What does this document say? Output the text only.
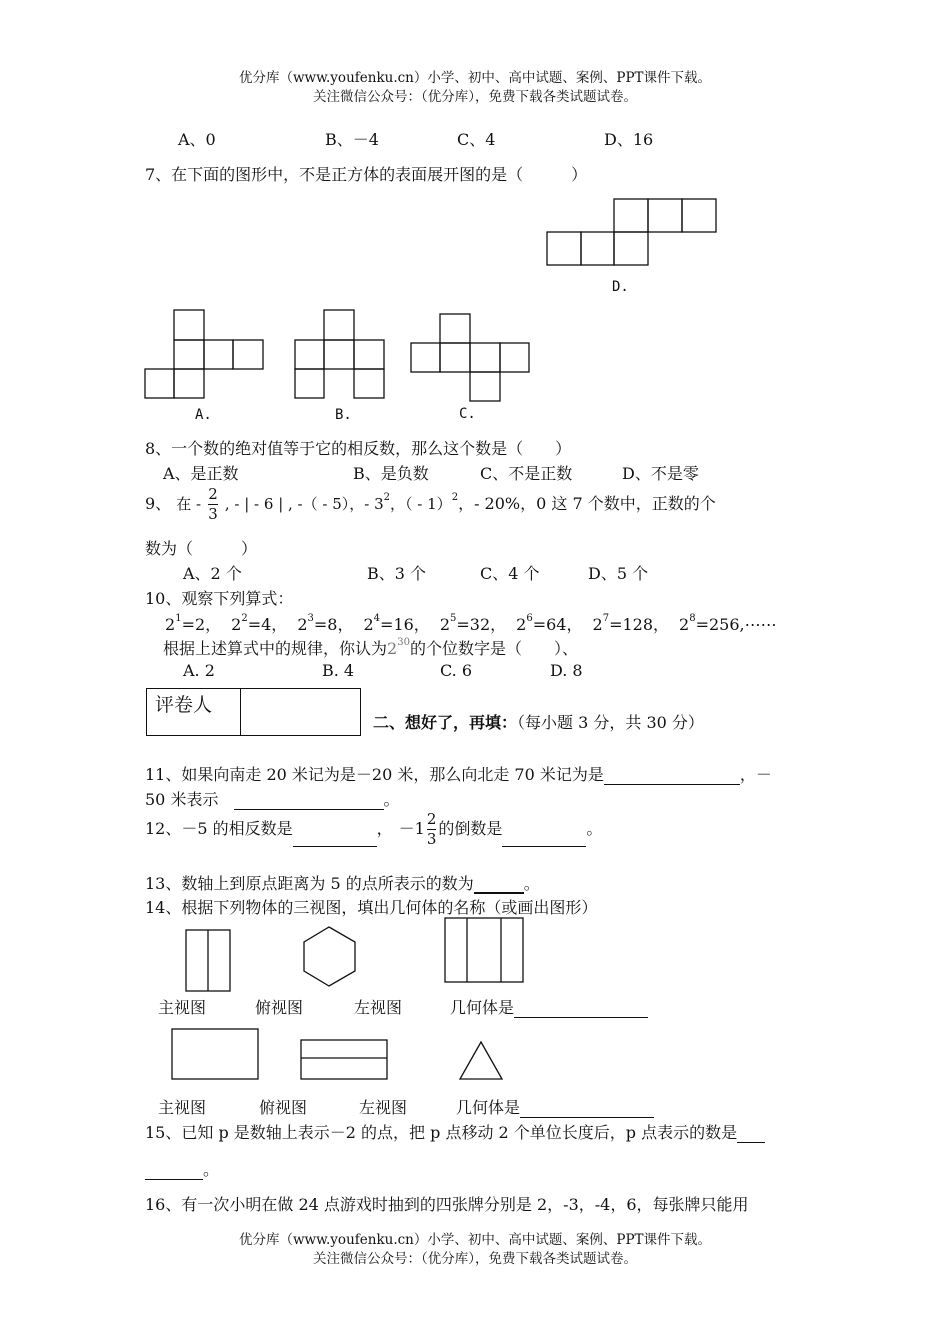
优分库（www.youfenku.cn）小学、初中、高中试题、案例、PPT课件下载。
关注微信公众号：（优分库），免费下载各类试题试卷。
A、0	B、－4	C、4	D、16
7、在下面的图形中，不是正方体的表面展开图的是（　　　）
D.
A.	B.	C.
8、一个数的绝对值等于它的相反数，那么这个数是（　　）
A、是正数	B、是负数	C、不是正数	D、不是零
9、 在 - $\frac{2}{3}$ , - | - 6 | , -（ - 5），- $3^2$，（ - 1）$^2$，- 20%，0 这 7 个数中，正数的个
数为（　　　）
A、2 个	B、3 个	C、4 个	D、5 个
10、观察下列算式：
$2^1=2$， $2^2=4$， $2^3=8$， $2^4=16$， $2^5=32$， $2^6=64$， $2^7=128$， $2^8=256,\cdots\cdots$
根据上述算式中的规律，你认为$2^{30}$的个位数字是（　　）、
A. 2	B. 4	C. 6	D. 8
评卷人
二、想好了，再填：（每小题 3 分，共 30 分）
11、如果向南走 20 米记为是－20 米，那么向北走 70 米记为是	，－
50 米表示	。
12、－5 的相反数是	， $-1 \frac{2}{3}$ 的倒数是	。
13、数轴上到原点距离为 5 的点所表示的数为	。
14、根据下列物体的三视图，填出几何体的名称（或画出图形）
主视图	俯视图	左视图	几何体是
主视图	俯视图	左视图	几何体是
15、已知 p 是数轴上表示－2 的点，把 p 点移动 2 个单位长度后，p 点表示的数是
。
16、有一次小明在做 24 点游戏时抽到的四张牌分别是 2，-3，-4，6，每张牌只能用
优分库（www.youfenku.cn）小学、初中、高中试题、案例、PPT课件下载。
关注微信公众号：（优分库），免费下载各类试题试卷。
